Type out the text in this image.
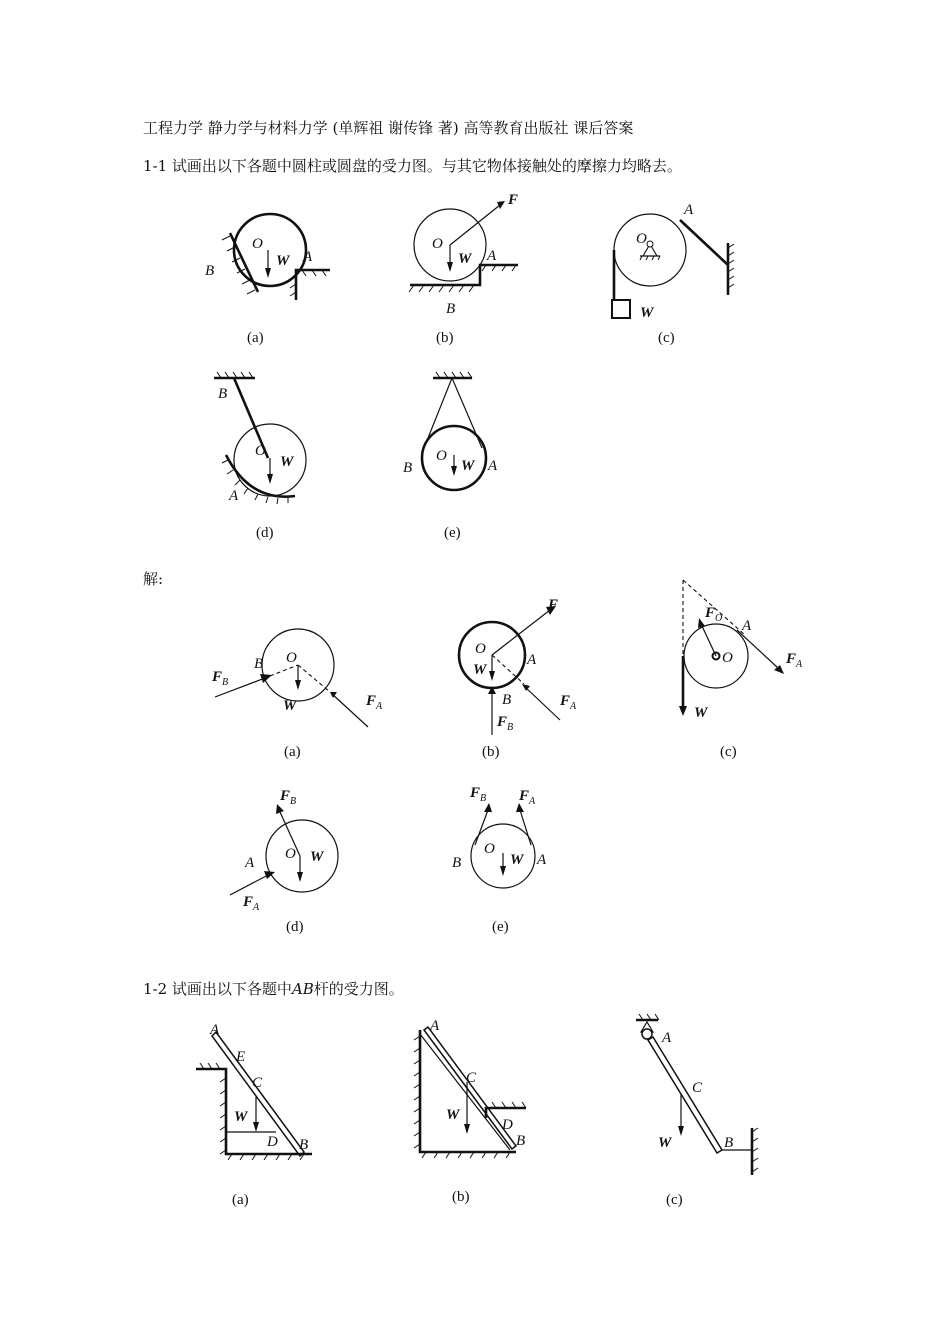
工程力学 静力学与材料力学 (单辉祖 谢传锋 著) 高等教育出版社 课后答案
1-1 试画出以下各题中圆柱或圆盘的受力图。与其它物体接触处的摩擦力均略去。
O
W A
B
(a)
O
W A
B
F
(b)
O
A
W
(c)
B
O
W
A
(d)
B
O
W A
(e)
解:
F B
B O
W	F A
(a)
F
O
W
A
B
F B
F A
(b)
F O A
O	F A
W
(c)
F B
A
O W
F A
(d)
F B F A
B
O
W A
(e)
1-2 试画出以下各题中AB杆的受力图。
A
E
C
W
D B
(a)
A
C
W
D
B
(b)
A
C
W	B
(c)
